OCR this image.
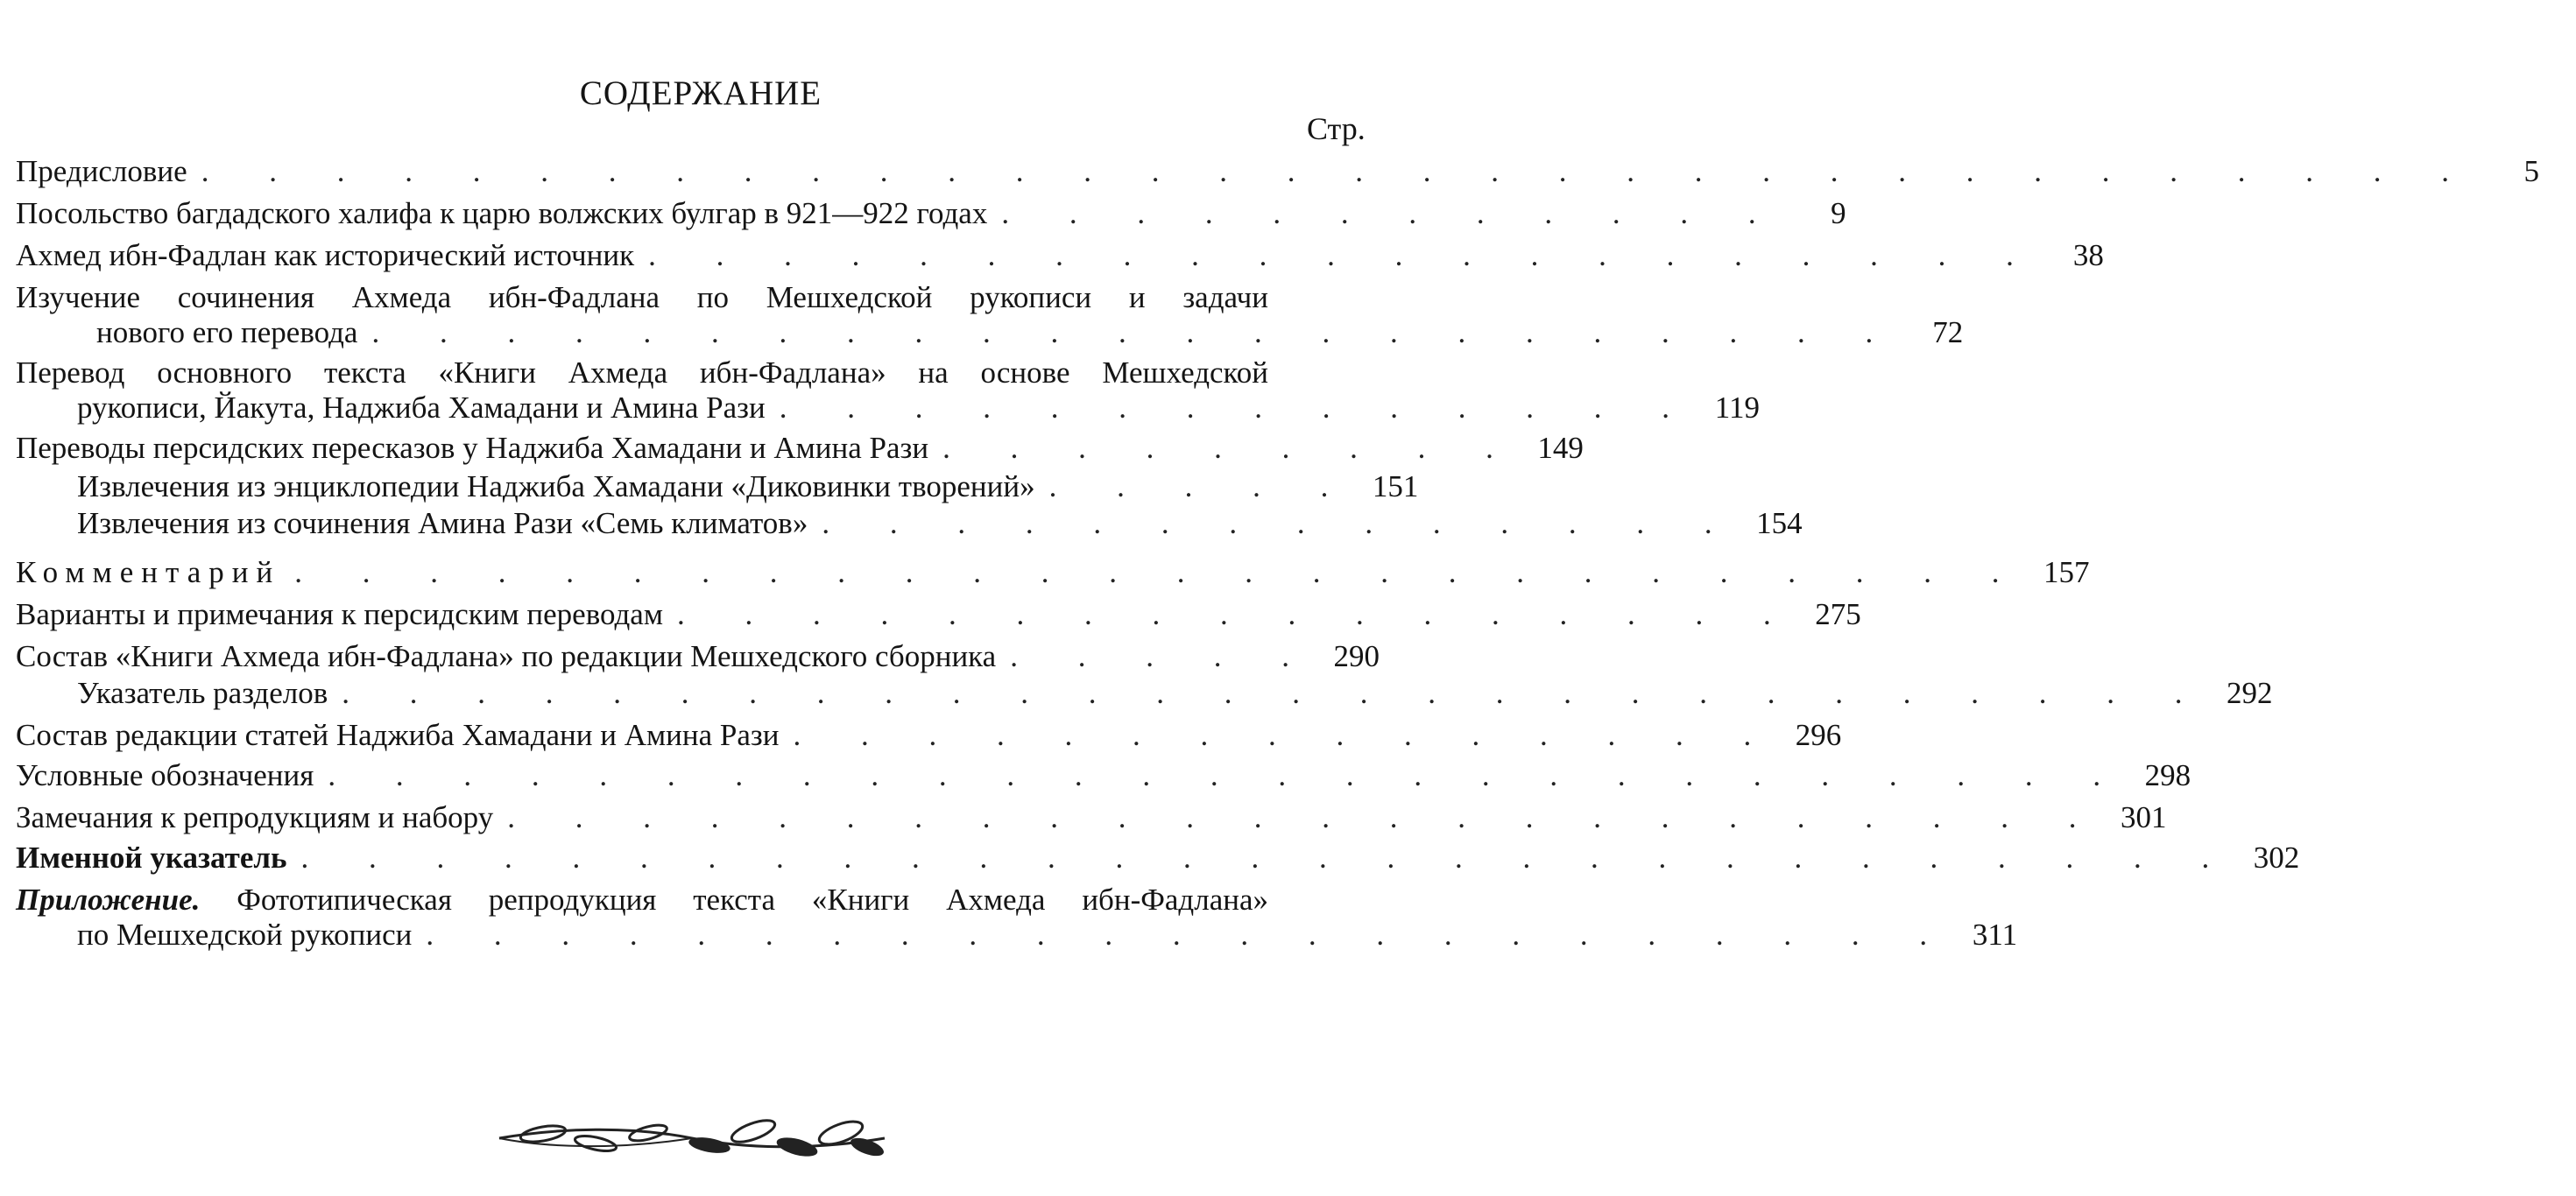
СОДЕРЖАНИЕ
Стр.
Предисловие . . . . . . . . . . . . . . . . . . . . . . . . . . . . . . . . . .	5
Посольство багдадского халифа к царю волжских булгар в 921—922 годах . . . . . . . . . . . .	9
Ахмед ибн-Фадлан как исторический источник . . . . . . . . . . . . . . . . . . . . .	38
Изучение сочинения Ахмеда ибн-Фадлана по Мешхедской рукописи и задачи
нового его перевода . . . . . . . . . . . . . . . . . . . . . . .	72
Перевод основного текста «Книги Ахмеда ибн-Фадлана» на основе Мешхедской
рукописи, Йакута, Наджиба Хамадани и Амина Рази . . . . . . . . . . . . . . 119
Переводы персидских пересказов у Наджиба Хамадани и Амина Рази . . . . . . . . . 149
Извлечения из энциклопедии Наджиба Хамадани «Диковинки творений» . . . . . 151
Извлечения из сочинения Амина Рази «Семь климатов» . . . . . . . . . . . . . . 154
Комментарий . . . . . . . . . . . . . . . . . . . . . . . . . . 157
Варианты и примечания к персидским переводам . . . . . . . . . . . . . . . . . 275
Состав «Книги Ахмеда ибн-Фадлана» по редакции Мешхедского сборника . . . . . 290
Указатель разделов . . . . . . . . . . . . . . . . . . . . . . . . . . . . 292
Состав редакции статей Наджиба Хамадани и Амина Рази . . . . . . . . . . . . . . . 296
Условные обозначения . . . . . . . . . . . . . . . . . . . . . . . . . . . 298
Замечания к репродукциям и набору . . . . . . . . . . . . . . . . . . . . . . . . 301
Именной указатель . . . . . . . . . . . . . . . . . . . . . . . . . . . . . 302
Приложение. Фототипическая репродукция текста «Книги Ахмеда ибн-Фадлана»
по Мешхедской рукописи . . . . . . . . . . . . . . . . . . . . . . . 311
